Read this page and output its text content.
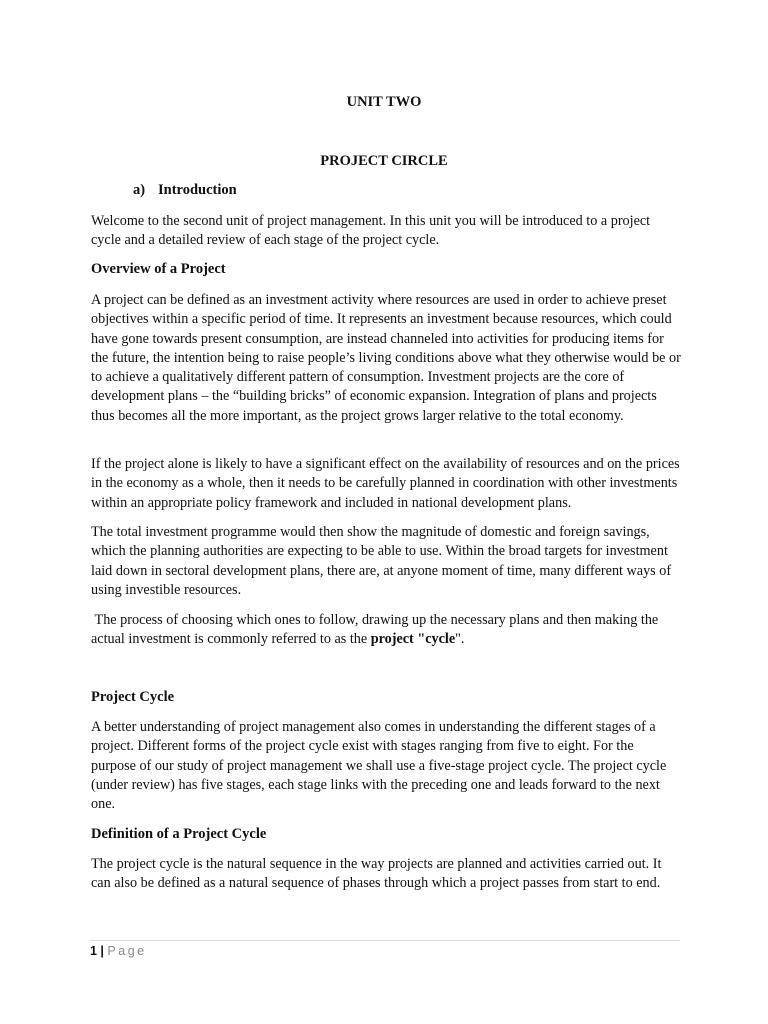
UNIT TWO

PROJECT CIRCLE

a) Introduction

Welcome to the second unit of project management. In this unit you will be introduced to a project cycle and a detailed review of each stage of the project cycle.

Overview of a Project

A project can be defined as an investment activity where resources are used in order to achieve preset objectives within a specific period of time. It represents an investment because resources, which could have gone towards present consumption, are instead channeled into activities for producing items for the future, the intention being to raise people’s living conditions above what they otherwise would be or to achieve a qualitatively different pattern of consumption. Investment projects are the core of development plans – the “building bricks” of economic expansion. Integration of plans and projects thus becomes all the more important, as the project grows larger relative to the total economy.

If the project alone is likely to have a significant effect on the availability of resources and on the prices in the economy as a whole, then it needs to be carefully planned in coordination with other investments within an appropriate policy framework and included in national development plans.

The total investment programme would then show the magnitude of domestic and foreign savings, which the planning authorities are expecting to be able to use. Within the broad targets for investment laid down in sectoral development plans, there are, at anyone moment of time, many different ways of using investible resources.

The process of choosing which ones to follow, drawing up the necessary plans and then making the actual investment is commonly referred to as the project "cycle".

Project Cycle

A better understanding of project management also comes in understanding the different stages of a project. Different forms of the project cycle exist with stages ranging from five to eight. For the purpose of our study of project management we shall use a five-stage project cycle. The project cycle (under review) has five stages, each stage links with the preceding one and leads forward to the next one.

Definition of a Project Cycle

The project cycle is the natural sequence in the way projects are planned and activities carried out. It can also be defined as a natural sequence of phases through which a project passes from start to end.

1 | Page
